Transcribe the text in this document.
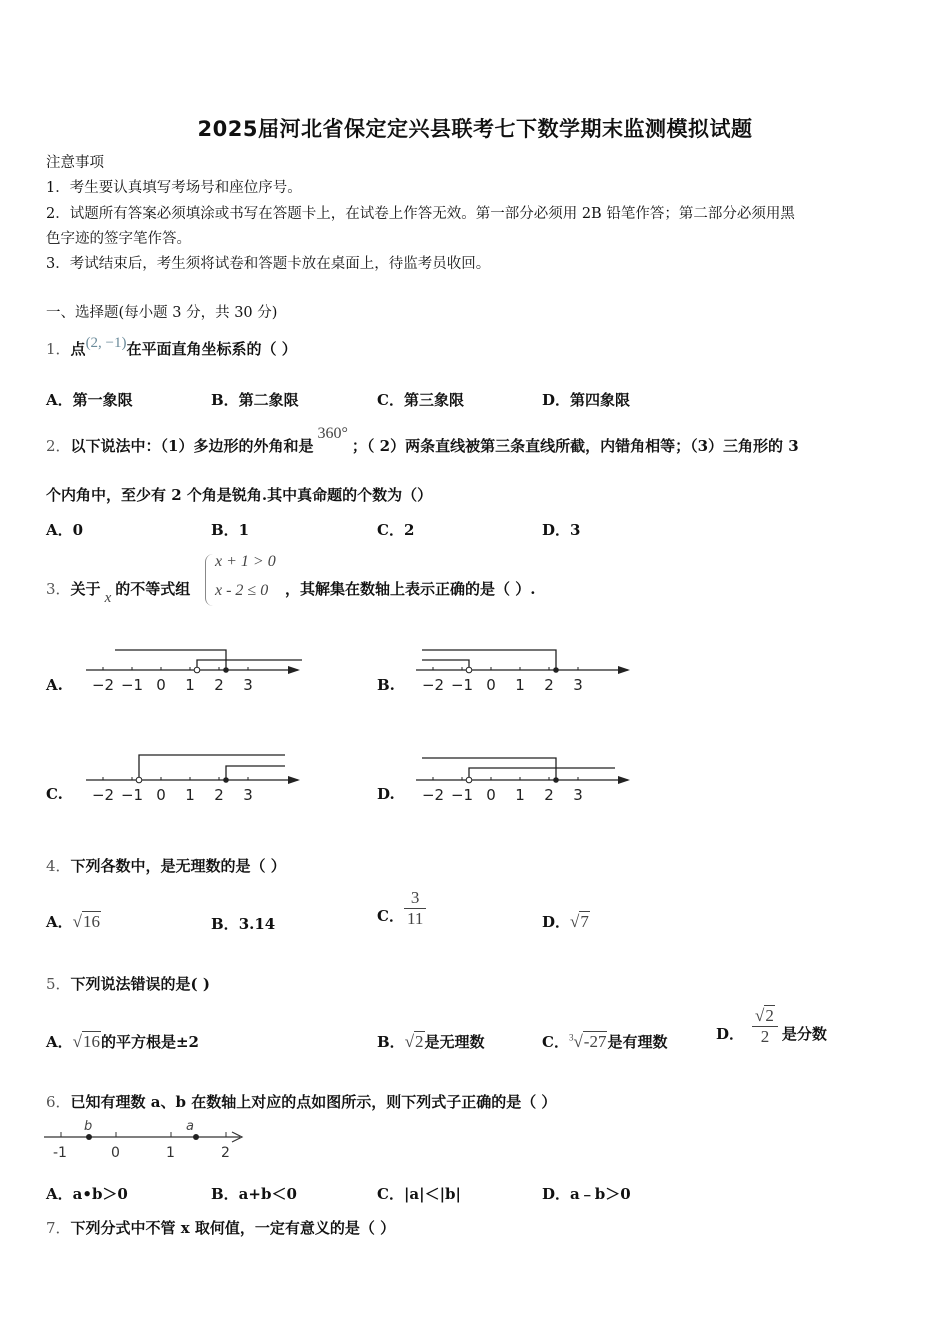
2025届河北省保定定兴县联考七下数学期末监测模拟试题
注意事项
1．考生要认真填写考场号和座位序号。
2．试题所有答案必须填涂或书写在答题卡上，在试卷上作答无效。第一部分必须用 2B 铅笔作答；第二部分必须用黑
色字迹的签字笔作答。
3．考试结束后，考生须将试卷和答题卡放在桌面上，待监考员收回。
一、选择题(每小题 3 分，共 30 分)
1．点(2, −1)在平面直角坐标系的（ ）
A．第一象限	B．第二象限	C．第三象限	D．第四象限
2．以下说法中：（1）多边形的外角和是360°；（ 2）两条直线被第三条直线所截，内错角相等；（3）三角形的 3
个内角中，至少有 2 个角是锐角.其中真命题的个数为（）
A．0	B．1	C．2	D．3
3．关于 x 的不等式组
x + 1 > 0
x - 2 ≤ 0 ，其解集在数轴上表示正确的是（ ）.
A.	B.
C.	D.
−2 −1 0 1 2 3	−2 −1 0 1 2 3
−2 −1 0 1 2 3	−2 −1 0 1 2 3
4．下列各数中，是无理数的是（ ）
A．√16	B．3.14	C． $\frac{3}{11}$	D．√7
5．下列说法错误的是( )
A．√16的平方根是±2	B．√2是无理数	C．$^3$√-27是有理数	D． $\frac{√2}{2}$ 是分数
6．已知有理数 a、b 在数轴上对应的点如图所示，则下列式子正确的是（ ）
b	a
-1	0	1	2
A．a•b＞0	B．a+b＜0	C．|a|＜|b|	D．a﹣b＞0
7．下列分式中不管 x 取何值，一定有意义的是（ ）
